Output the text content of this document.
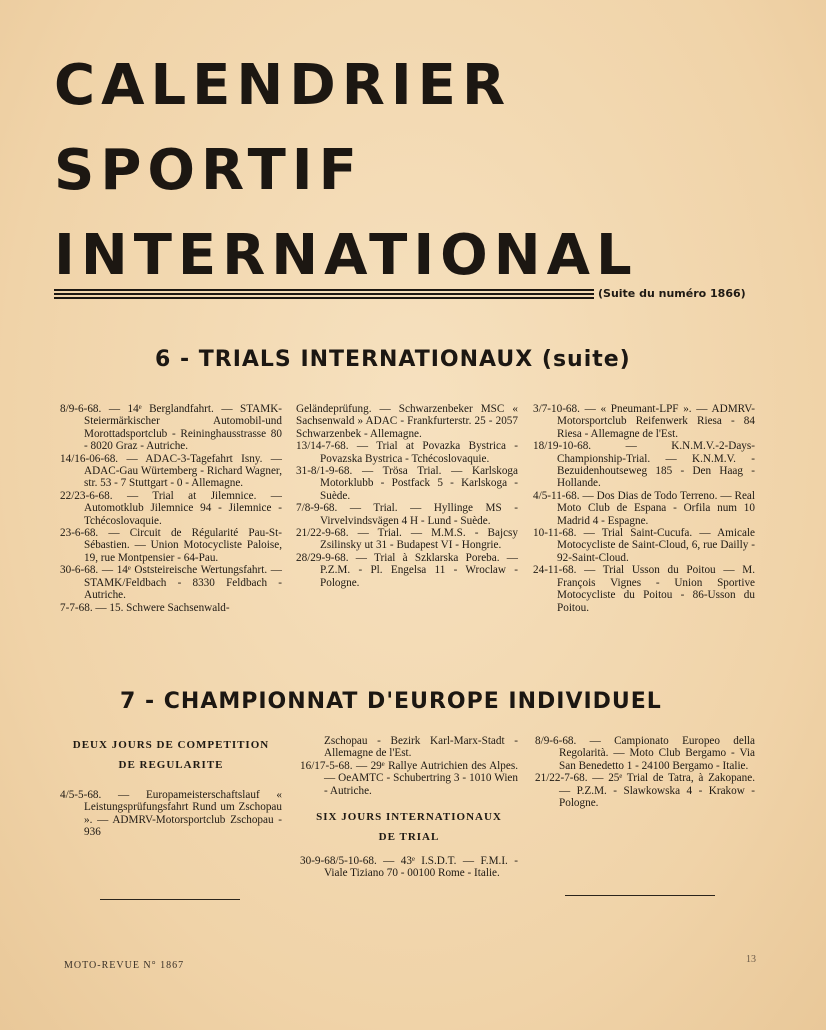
CALENDRIER
SPORTIF
INTERNATIONAL
(Suite du numéro 1866)
6 - TRIALS INTERNATIONAUX (suite)

8/9-6-68. — 14ᵉ Berglandfahrt. — STAMK-Steiermärkischer Automobil-und Morottadsportclub - Reininghausstrasse 80 - 8020 Graz - Autriche.

14/16-06-68. — ADAC-3-Tagefahrt Isny. — ADAC-Gau Würtemberg - Richard Wagner, str. 53 - 7 Stuttgart - 0 - Allemagne.

22/23-6-68. — Trial at Jilemnice. — Automotklub Jilemnice 94 - Jilemnice - Tchécoslovaquie.

23-6-68. — Circuit de Régularité Pau-St-Sébastien. — Union Motocycliste Paloise, 19, rue Montpensier - 64-Pau.

30-6-68. — 14ᵉ Oststeireische Wertungsfahrt. — STAMK/Feldbach - 8330 Feldbach - Autriche.

7-7-68. — 15. Schwere Sachsenwald-

Geländeprüfung. — Schwarzenbeker MSC « Sachsenwald » ADAC - Frankfurterstr. 25 - 2057 Schwarzenbek - Allemagne.

13/14-7-68. — Trial at Povazka Bystrica - Povazska Bystrica - Tchécoslovaquie.

31-8/1-9-68. — Trösa Trial. — Karlskoga Motorklubb - Postfack 5 - Karlskoga - Suède.

7/8-9-68. — Trial. — Hyllinge MS - Virvelvindsvägen 4 H - Lund - Suède.

21/22-9-68. — Trial. — M.M.S. - Bajcsy Zsilinsky ut 31 - Budapest VI - Hongrie.

28/29-9-68. — Trial à Szklarska Poreba. — P.Z.M. - Pl. Engelsa 11 - Wroclaw - Pologne.

3/7-10-68. — « Pneumant-LPF ». — ADMRV-Motorsportclub Reifenwerk Riesa - 84 Riesa - Allemagne de l'Est.

18/19-10-68. — K.N.M.V.-2-Days-Championship-Trial. — K.N.M.V. - Bezuidenhoutseweg 185 - Den Haag - Hollande.

4/5-11-68. — Dos Dias de Todo Terreno. — Real Moto Club de Espana - Orfila num 10 Madrid 4 - Espagne.

10-11-68. — Trial Saint-Cucufa. — Amicale Motocycliste de Saint-Cloud, 6, rue Dailly - 92-Saint-Cloud.

24-11-68. — Trial Usson du Poitou — M. François Vignes - Union Sportive Motocycliste du Poitou - 86-Usson du Poitou.

7 - CHAMPIONNAT D'EUROPE INDIVIDUEL
DEUX JOURS DE COMPETITION
DE REGULARITE

4/5-5-68. — Europameisterschaftslauf « Leistungsprüfungsfahrt Rund um Zschopau ». — ADMRV-Motorsportclub Zschopau - 936

Zschopau - Bezirk Karl-Marx-Stadt - Allemagne de l'Est.

16/17-5-68. — 29ᵉ Rallye Autrichien des Alpes. — OeAMTC - Schubertring 3 - 1010 Wien - Autriche.

SIX JOURS INTERNATIONAUX
DE TRIAL

30-9-68/5-10-68. — 43ᵉ I.S.D.T. — F.M.I. - Viale Tiziano 70 - 00100 Rome - Italie.

8/9-6-68. — Campionato Europeo della Regolarità. — Moto Club Bergamo - Via San Benedetto 1 - 24100 Bergamo - Italie.

21/22-7-68. — 25ᵉ Trial de Tatra, à Zakopane. — P.Z.M. - Slawkowska 4 - Krakow - Pologne.

MOTO-REVUE N° 1867
13
